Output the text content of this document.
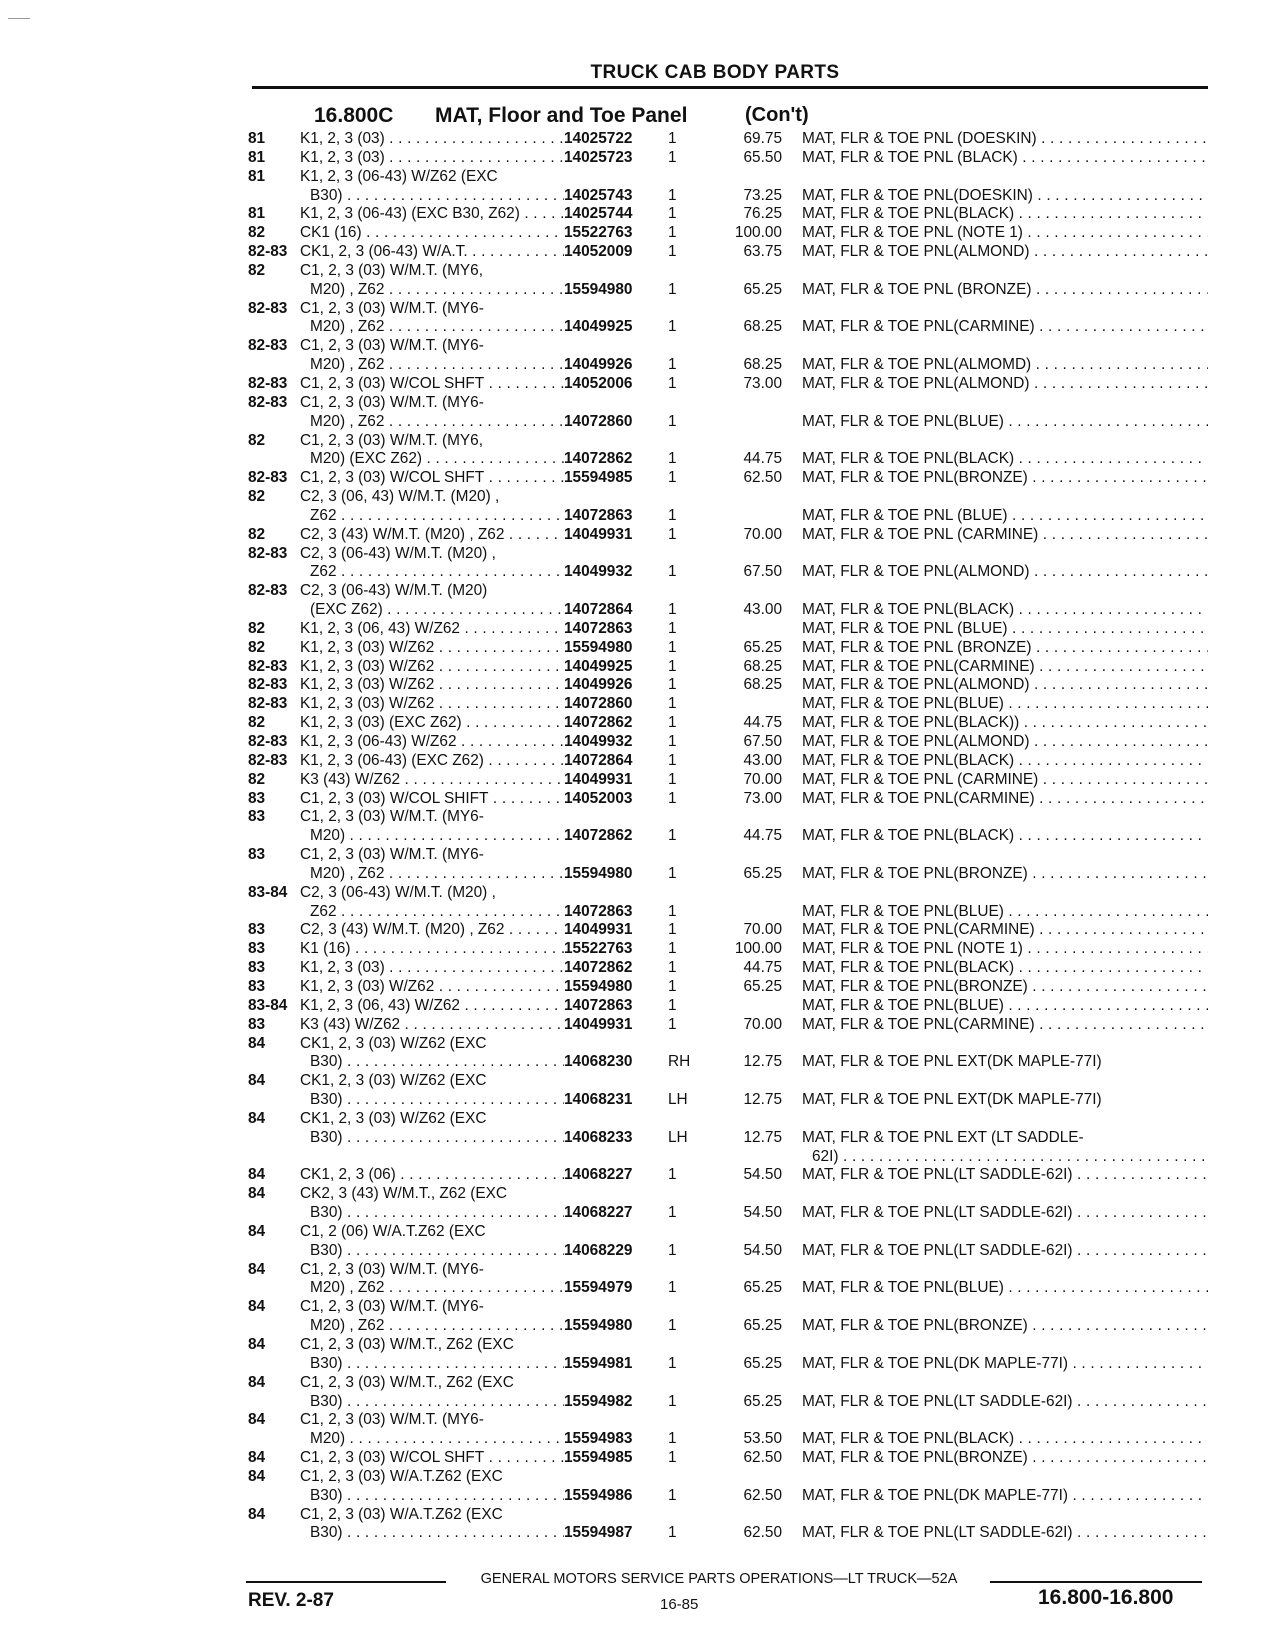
TRUCK CAB BODY PARTS
16.800C MAT, Floor and Toe Panel	(Con't)
81	K1, 2, 3 (03) . . .	14025722	1	69.75	MAT, FLR & TOE PNL (DOESKIN) . . .

81	K1, 2, 3 (03) . . .	14025723	1	65.50	MAT, FLR & TOE PNL (BLACK) . . .

81	K1, 2, 3 (06-43) W/Z62 (EXC				

	B30) . . .	14025743	1	73.25	MAT, FLR & TOE PNL(DOESKIN) . . .

81	K1, 2, 3 (06-43) (EXC B30, Z62) . . .	14025744	1	76.25	MAT, FLR & TOE PNL(BLACK) . . .

82	CK1 (16) . . .	15522763	1	100.00	MAT, FLR & TOE PNL (NOTE 1) . . .

82-83	CK1, 2, 3 (06-43) W/A.T. . . .	14052009	1	63.75	MAT, FLR & TOE PNL(ALMOND) . . .

82	C1, 2, 3 (03) W/M.T. (MY6,				

	M20) , Z62 . . .	15594980	1	65.25	MAT, FLR & TOE PNL (BRONZE) . . .

82-83	C1, 2, 3 (03) W/M.T. (MY6-				

	M20) , Z62 . . .	14049925	1	68.25	MAT, FLR & TOE PNL(CARMINE) . . .

82-83	C1, 2, 3 (03) W/M.T. (MY6-				

	M20) , Z62 . . .	14049926	1	68.25	MAT, FLR & TOE PNL(ALMOMD) . . .

82-83	C1, 2, 3 (03) W/COL SHFT . . .	14052006	1	73.00	MAT, FLR & TOE PNL(ALMOND) . . .

82-83	C1, 2, 3 (03) W/M.T. (MY6-				

	M20) , Z62 . . .	14072860	1		MAT, FLR & TOE PNL(BLUE) . . .

82	C1, 2, 3 (03) W/M.T. (MY6,				

	M20) (EXC Z62) . . .	14072862	1	44.75	MAT, FLR & TOE PNL(BLACK) . . .

82-83	C1, 2, 3 (03) W/COL SHFT . . .	15594985	1	62.50	MAT, FLR & TOE PNL(BRONZE) . . .

82	C2, 3 (06, 43) W/M.T. (M20) ,				

	Z62 . . .	14072863	1		MAT, FLR & TOE PNL (BLUE) . . .

82	C2, 3 (43) W/M.T. (M20) , Z62 . . .	14049931	1	70.00	MAT, FLR & TOE PNL (CARMINE) . . .

82-83	C2, 3 (06-43) W/M.T. (M20) ,				

	Z62 . . .	14049932	1	67.50	MAT, FLR & TOE PNL(ALMOND) . . .

82-83	C2, 3 (06-43) W/M.T. (M20)				

	(EXC Z62) . . .	14072864	1	43.00	MAT, FLR & TOE PNL(BLACK) . . .

82	K1, 2, 3 (06, 43) W/Z62 . . .	14072863	1		MAT, FLR & TOE PNL (BLUE) . . .

82	K1, 2, 3 (03) W/Z62 . . .	15594980	1	65.25	MAT, FLR & TOE PNL (BRONZE) . . .

82-83	K1, 2, 3 (03) W/Z62 . . .	14049925	1	68.25	MAT, FLR & TOE PNL(CARMINE) . . .

82-83	K1, 2, 3 (03) W/Z62 . . .	14049926	1	68.25	MAT, FLR & TOE PNL(ALMOND) . . .

82-83	K1, 2, 3 (03) W/Z62 . . .	14072860	1		MAT, FLR & TOE PNL(BLUE) . . .

82	K1, 2, 3 (03) (EXC Z62) . . .	14072862	1	44.75	MAT, FLR & TOE PNL(BLACK)) . . .

82-83	K1, 2, 3 (06-43) W/Z62 . . .	14049932	1	67.50	MAT, FLR & TOE PNL(ALMOND) . . .

82-83	K1, 2, 3 (06-43) (EXC Z62) . . .	14072864	1	43.00	MAT, FLR & TOE PNL(BLACK) . . .

82	K3 (43) W/Z62 . . .	14049931	1	70.00	MAT, FLR & TOE PNL (CARMINE) . . .

83	C1, 2, 3 (03) W/COL SHIFT . . .	14052003	1	73.00	MAT, FLR & TOE PNL(CARMINE) . . .

83	C1, 2, 3 (03) W/M.T. (MY6-				

	M20) . . .	14072862	1	44.75	MAT, FLR & TOE PNL(BLACK) . . .

83	C1, 2, 3 (03) W/M.T. (MY6-				

	M20) , Z62 . . .	15594980	1	65.25	MAT, FLR & TOE PNL(BRONZE) . . .

83-84	C2, 3 (06-43) W/M.T. (M20) ,				

	Z62 . . .	14072863	1		MAT, FLR & TOE PNL(BLUE) . . .

83	C2, 3 (43) W/M.T. (M20) , Z62 . . .	14049931	1	70.00	MAT, FLR & TOE PNL(CARMINE) . . .

83	K1 (16) . . .	15522763	1	100.00	MAT, FLR & TOE PNL (NOTE 1) . . .

83	K1, 2, 3 (03) . . .	14072862	1	44.75	MAT, FLR & TOE PNL(BLACK) . . .

83	K1, 2, 3 (03) W/Z62 . . .	15594980	1	65.25	MAT, FLR & TOE PNL(BRONZE) . . .

83-84	K1, 2, 3 (06, 43) W/Z62 . . .	14072863	1		MAT, FLR & TOE PNL(BLUE) . . .

83	K3 (43) W/Z62 . . .	14049931	1	70.00	MAT, FLR & TOE PNL(CARMINE) . . .

84	CK1, 2, 3 (03) W/Z62 (EXC				

	B30) . . .	14068230	RH	12.75	MAT, FLR & TOE PNL EXT(DK MAPLE-77I)

84	CK1, 2, 3 (03) W/Z62 (EXC				

	B30) . . .	14068231	LH	12.75	MAT, FLR & TOE PNL EXT(DK MAPLE-77I)

84	CK1, 2, 3 (03) W/Z62 (EXC				

	B30) . . .	14068233	LH	12.75	MAT, FLR & TOE PNL EXT (LT SADDLE-

					62I) . . .

84	CK1, 2, 3 (06) . . .	14068227	1	54.50	MAT, FLR & TOE PNL(LT SADDLE-62I) . . .

84	CK2, 3 (43) W/M.T., Z62 (EXC				

	B30) . . .	14068227	1	54.50	MAT, FLR & TOE PNL(LT SADDLE-62I) . . .

84	C1, 2 (06) W/A.T.Z62 (EXC				

	B30) . . .	14068229	1	54.50	MAT, FLR & TOE PNL(LT SADDLE-62I) . . .

84	C1, 2, 3 (03) W/M.T. (MY6-				

	M20) , Z62 . . .	15594979	1	65.25	MAT, FLR & TOE PNL(BLUE) . . .

84	C1, 2, 3 (03) W/M.T. (MY6-				

	M20) , Z62 . . .	15594980	1	65.25	MAT, FLR & TOE PNL(BRONZE) . . .

84	C1, 2, 3 (03) W/M.T., Z62 (EXC				

	B30) . . .	15594981	1	65.25	MAT, FLR & TOE PNL(DK MAPLE-77I) . . .

84	C1, 2, 3 (03) W/M.T., Z62 (EXC				

	B30) . . .	15594982	1	65.25	MAT, FLR & TOE PNL(LT SADDLE-62I) . . .

84	C1, 2, 3 (03) W/M.T. (MY6-				

	M20) . . .	15594983	1	53.50	MAT, FLR & TOE PNL(BLACK) . . .

84	C1, 2, 3 (03) W/COL SHFT . . .	15594985	1	62.50	MAT, FLR & TOE PNL(BRONZE) . . .

84	C1, 2, 3 (03) W/A.T.Z62 (EXC				

	B30) . . .	15594986	1	62.50	MAT, FLR & TOE PNL(DK MAPLE-77I) . . .

84	C1, 2, 3 (03) W/A.T.Z62 (EXC				

	B30) . . .	15594987	1	62.50	MAT, FLR & TOE PNL(LT SADDLE-62I) . . .
GENERAL MOTORS SERVICE PARTS OPERATIONS—LT TRUCK—52A
REV. 2-87	16-85	16.800-16.800
